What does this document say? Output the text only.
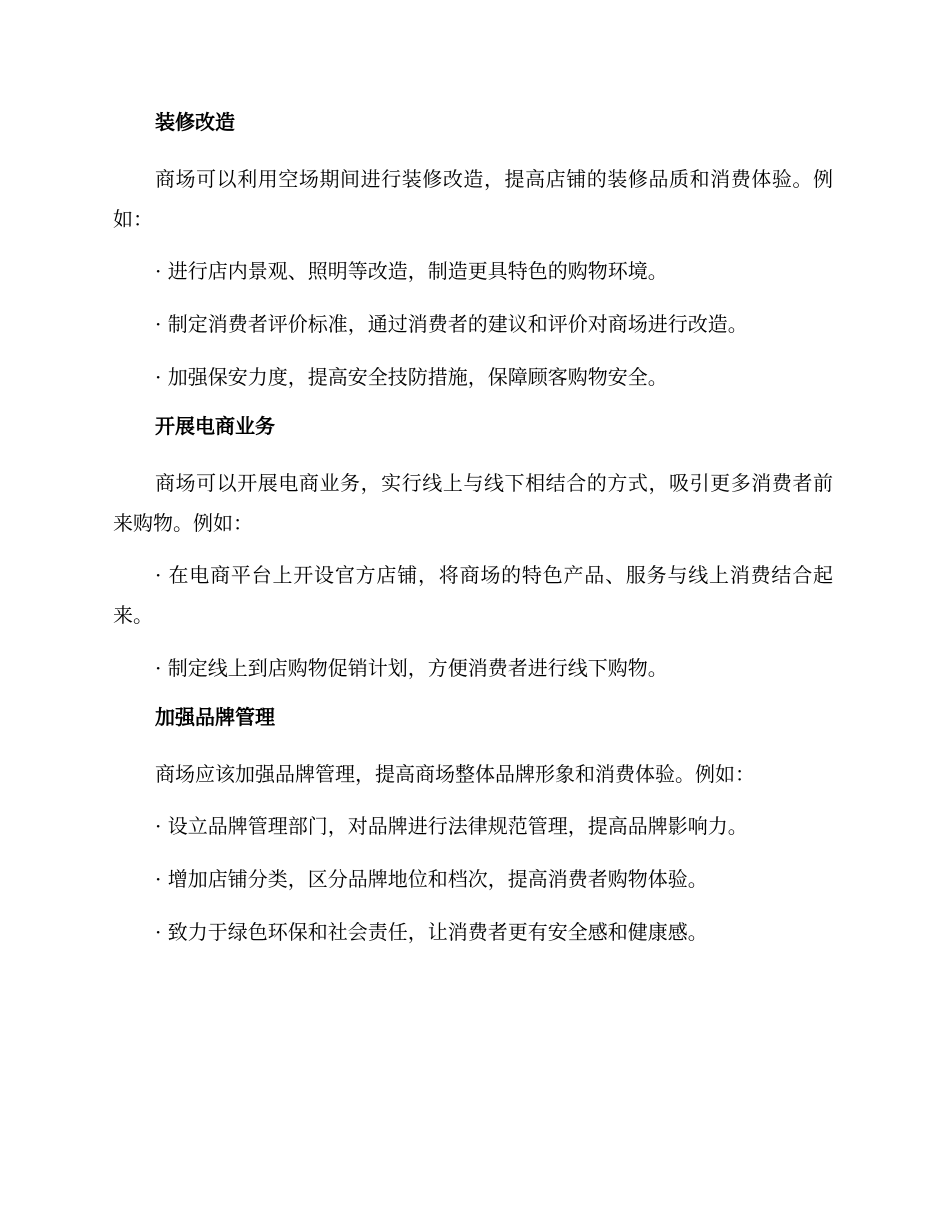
装修改造

商场可以利用空场期间进行装修改造，提高店铺的装修品质和消费体验。例如：

· 进行店内景观、照明等改造，制造更具特色的购物环境。

· 制定消费者评价标准，通过消费者的建议和评价对商场进行改造。

· 加强保安力度，提高安全技防措施，保障顾客购物安全。

开展电商业务

商场可以开展电商业务，实行线上与线下相结合的方式，吸引更多消费者前来购物。例如：

· 在电商平台上开设官方店铺，将商场的特色产品、服务与线上消费结合起来。

· 制定线上到店购物促销计划，方便消费者进行线下购物。

加强品牌管理

商场应该加强品牌管理，提高商场整体品牌形象和消费体验。例如：

· 设立品牌管理部门，对品牌进行法律规范管理，提高品牌影响力。

· 增加店铺分类，区分品牌地位和档次，提高消费者购物体验。

· 致力于绿色环保和社会责任，让消费者更有安全感和健康感。
